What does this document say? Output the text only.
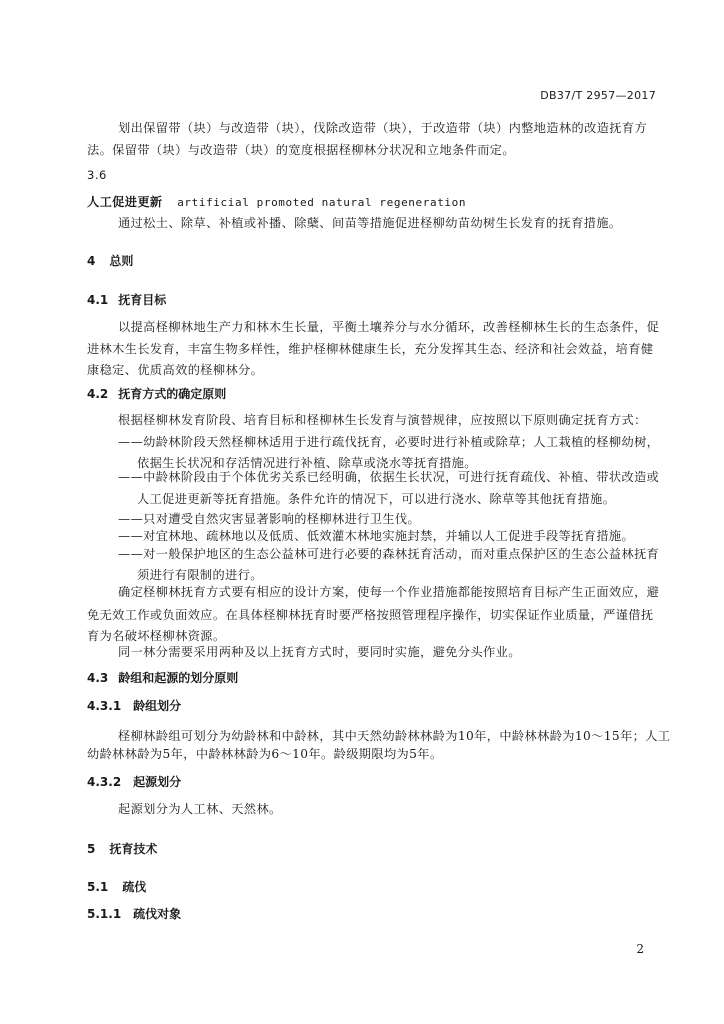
DB37/T 2957—2017
划出保留带（块）与改造带（块），伐除改造带（块），于改造带（块）内整地造林的改造抚育方
法。保留带（块）与改造带（块）的宽度根据柽柳林分状况和立地条件而定。
3.6
人工促进更新 artificial promoted natural regeneration
通过松土、除草、补植或补播、除蘖、间苗等措施促进柽柳幼苗幼树生长发育的抚育措施。
4 总则
4.1 抚育目标
以提高柽柳林地生产力和林木生长量，平衡土壤养分与水分循环，改善柽柳林生长的生态条件，促
进林木生长发育，丰富生物多样性，维护柽柳林健康生长，充分发挥其生态、经济和社会效益，培育健
康稳定、优质高效的柽柳林分。
4.2 抚育方式的确定原则
根据柽柳林发育阶段、培育目标和柽柳林生长发育与演替规律，应按照以下原则确定抚育方式：
——幼龄林阶段天然柽柳林适用于进行疏伐抚育，必要时进行补植或除草；人工栽植的柽柳幼树，
依据生长状况和存活情况进行补植、除草或浇水等抚育措施。
——中龄林阶段由于个体优劣关系已经明确，依据生长状况，可进行抚育疏伐、补植、带状改造或
人工促进更新等抚育措施。条件允许的情况下，可以进行浇水、除草等其他抚育措施。
——只对遭受自然灾害显著影响的柽柳林进行卫生伐。
——对宜林地、疏林地以及低质、低效灌木林地实施封禁，并辅以人工促进手段等抚育措施。
——对一般保护地区的生态公益林可进行必要的森林抚育活动，而对重点保护区的生态公益林抚育
须进行有限制的进行。
确定柽柳林抚育方式要有相应的设计方案，使每一个作业措施都能按照培育目标产生正面效应，避
免无效工作或负面效应。在具体柽柳林抚育时要严格按照管理程序操作，切实保证作业质量，严谨借抚
育为名破坏柽柳林资源。
同一林分需要采用两种及以上抚育方式时，要同时实施，避免分头作业。
4.3 龄组和起源的划分原则
4.3.1 龄组划分
柽柳林龄组可划分为幼龄林和中龄林，其中天然幼龄林林龄为10年，中龄林林龄为10～15年；人工
幼龄林林龄为5年，中龄林林龄为6～10年。龄级期限均为5年。
4.3.2 起源划分
起源划分为人工林、天然林。
5 抚育技术
5.1 疏伐
5.1.1 疏伐对象
2
